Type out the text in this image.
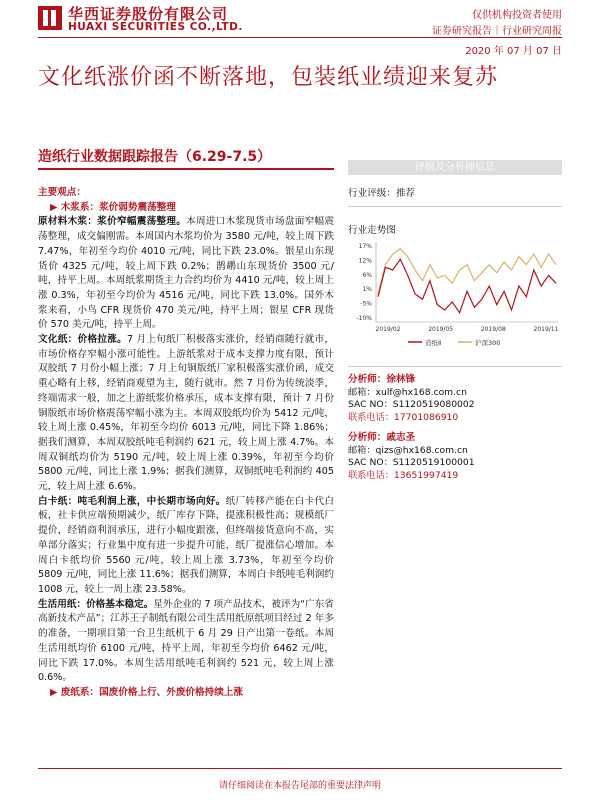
华西证券股份有限公司
HUAXI SECURITIES CO.,LTD.
仅供机构投资者使用
证券研究报告｜行业研究周报
2020 年 07 月 07 日
文化纸涨价函不断落地，包装纸业绩迎来复苏
造纸行业数据跟踪报告（6.29-7.5）

主要观点：

▶ 木浆系：浆价弱势震荡整理

原材料木浆：浆价窄幅震荡整理。本周进口木浆现货市场盘面窄幅震荡整理，成交偏刚需。本周国内木浆均价为 3580 元/吨，较上周下跌 7.47%，年初至今均价 4010 元/吨，同比下跌 23.0%。银星山东现货价 4325 元/吨，较上周下跌 0.2%；鹊鹕山东现货价 3500 元/吨，持平上周。本周纸浆期货主力合约均价为 4410 元/吨，较上周上涨 0.3%，年初至今均价为 4516 元/吨，同比下跌 13.0%。国外木浆来看，小鸟 CFR 现货价 470 美元/吨，持平上周；银星 CFR 现货价 570 美元/吨，持平上周。

文化纸：价格拉涨。7 月上旬纸厂积极落实涨价，经销商随行就市，市场价格存窄幅小涨可能性。上游纸浆对于成本支撑力度有限，预计双胶纸 7 月份小幅上涨；7 月上旬铜版纸厂家积极落实涨价函，成交重心略有上移，经销商观望为主，随行就市。然 7 月份为传统淡季，终端需求一般，加之上游纸浆价格承压，成本支撑有限，预计 7 月份铜版纸市场价格震荡窄幅小涨为主。本周双胶纸均价为 5412 元/吨，较上周上涨 0.45%，年初至今均价 6013 元/吨，同比下降 1.86%；据我们测算，本周双胶纸吨毛利润约 621 元，较上周上涨 4.7%。本周双铜纸均价为 5190 元/吨，较上周上涨 0.39%，年初至今均价 5800 元/吨，同比上涨 1.9%；据我们测算，双铜纸吨毛利润约 405 元，较上周上涨 6.6%。

白卡纸：吨毛利润上涨，中长期市场向好。纸厂转移产能在白卡代白板，社卡供应端预期减少，纸厂库存下降，提涨积极性高；规模纸厂提价，经销商利润承压，进行小幅度跟涨，但终端接货意向不高，实单部分落实；行业集中度有进一步提升可能，纸厂提涨信心增加。本周白卡纸均价 5560 元/吨，较上周上涨 3.73%，年初至今均价 5809 元/吨，同比上涨 11.6%；据我们测算，本周白卡纸吨毛利润约 1008 元，较上一周上涨 23.58%。

生活用纸：价格基本稳定。星外企业的 7 项产品技术，被评为“广东省高新技术产品”；江苏王子制纸有限公司生活用纸原纸项目经过 2 年多的准备，一期项目第一台卫生纸机于 6 月 29 日产出第一卷纸。本周生活用纸均价 6100 元/吨，持平上周，年初至今均价 6462 元/吨，同比下跌 17.0%。本周生活用纸吨毛利润约 521 元，较上周上涨 0.6%。

▶ 废纸系：国废价格上行、外废价格持续上涨

评级及分析师信息
行业评级：推荐
行业走势图
17%
12%
6%
1%
-5%
-10%
2019/02	2019/05	2019/08	2019/11
造纸Ⅱ	沪深300
分析师：徐林锋
邮箱：xulf@hx168.com.cn
SAC NO：S1120519080002
联系电话：17701086910
分析师：戚志圣
邮箱：qizs@hx168.com.cn
SAC NO：S1120519100001
联系电话：13651997419
请仔细阅读在本报告尾部的重要法律声明
